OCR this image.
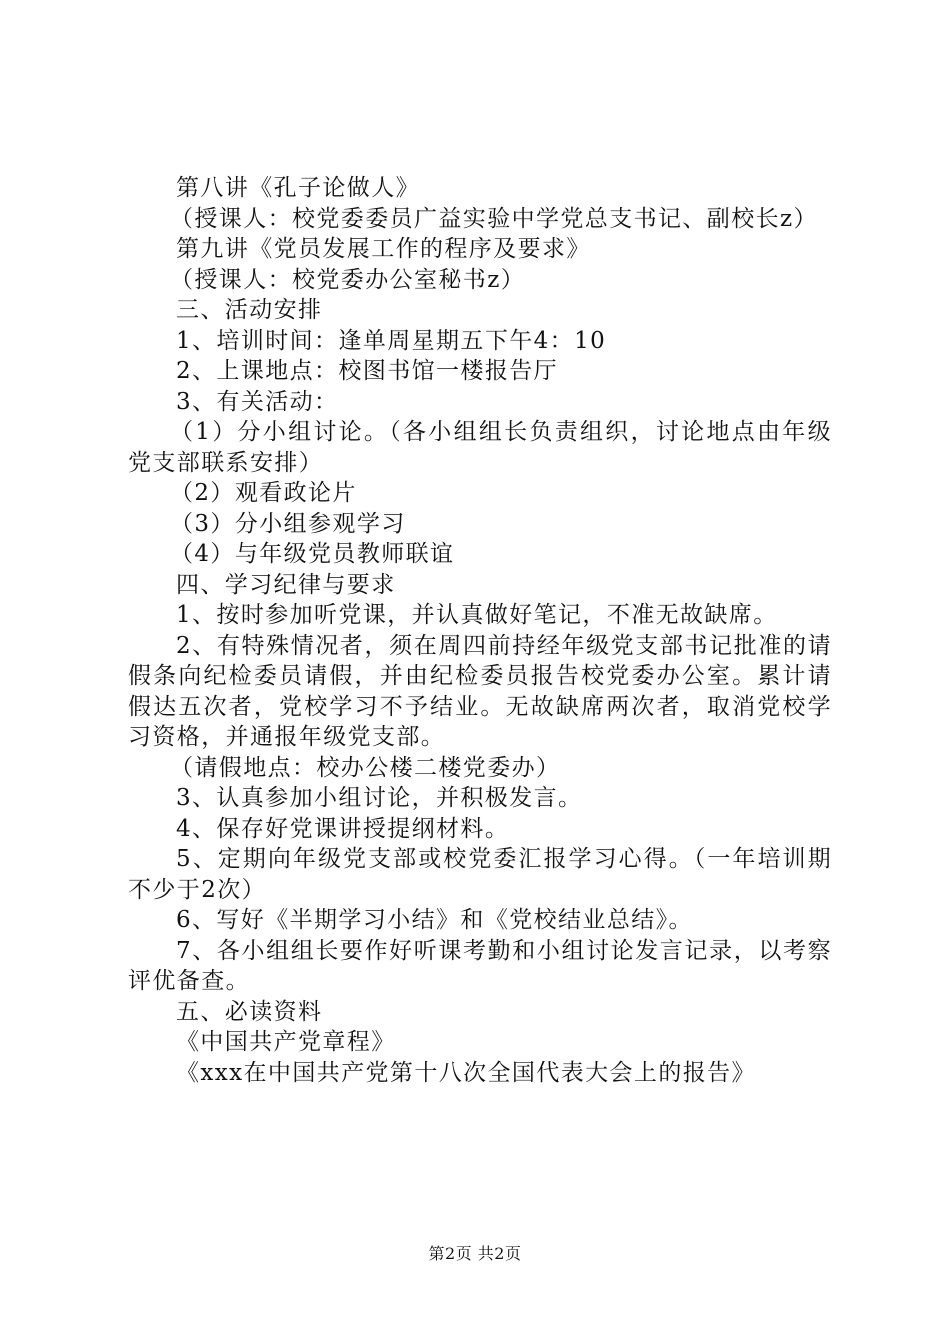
第八讲《孔子论做人》

（授课人：校党委委员广益实验中学党总支书记、副校长z）

第九讲《党员发展工作的程序及要求》

（授课人：校党委办公室秘书z）

三、活动安排

1、培训时间：逢单周星期五下午4：10

2、上课地点：校图书馆一楼报告厅

3、有关活动：

（1）分小组讨论。（各小组组长负责组织，讨论地点由年级党支部联系安排）

（2）观看政论片

（3）分小组参观学习

（4）与年级党员教师联谊

四、学习纪律与要求

1、按时参加听党课，并认真做好笔记，不准无故缺席。

2、有特殊情况者，须在周四前持经年级党支部书记批准的请假条向纪检委员请假，并由纪检委员报告校党委办公室。累计请假达五次者，党校学习不予结业。无故缺席两次者，取消党校学习资格，并通报年级党支部。

（请假地点：校办公楼二楼党委办）

3、认真参加小组讨论，并积极发言。

4、保存好党课讲授提纲材料。

5、定期向年级党支部或校党委汇报学习心得。（一年培训期不少于2次）

6、写好《半期学习小结》和《党校结业总结》。

7、各小组组长要作好听课考勤和小组讨论发言记录，以考察评优备查。

五、必读资料

《中国共产党章程》

《xxx在中国共产党第十八次全国代表大会上的报告》

第2页 共2页
